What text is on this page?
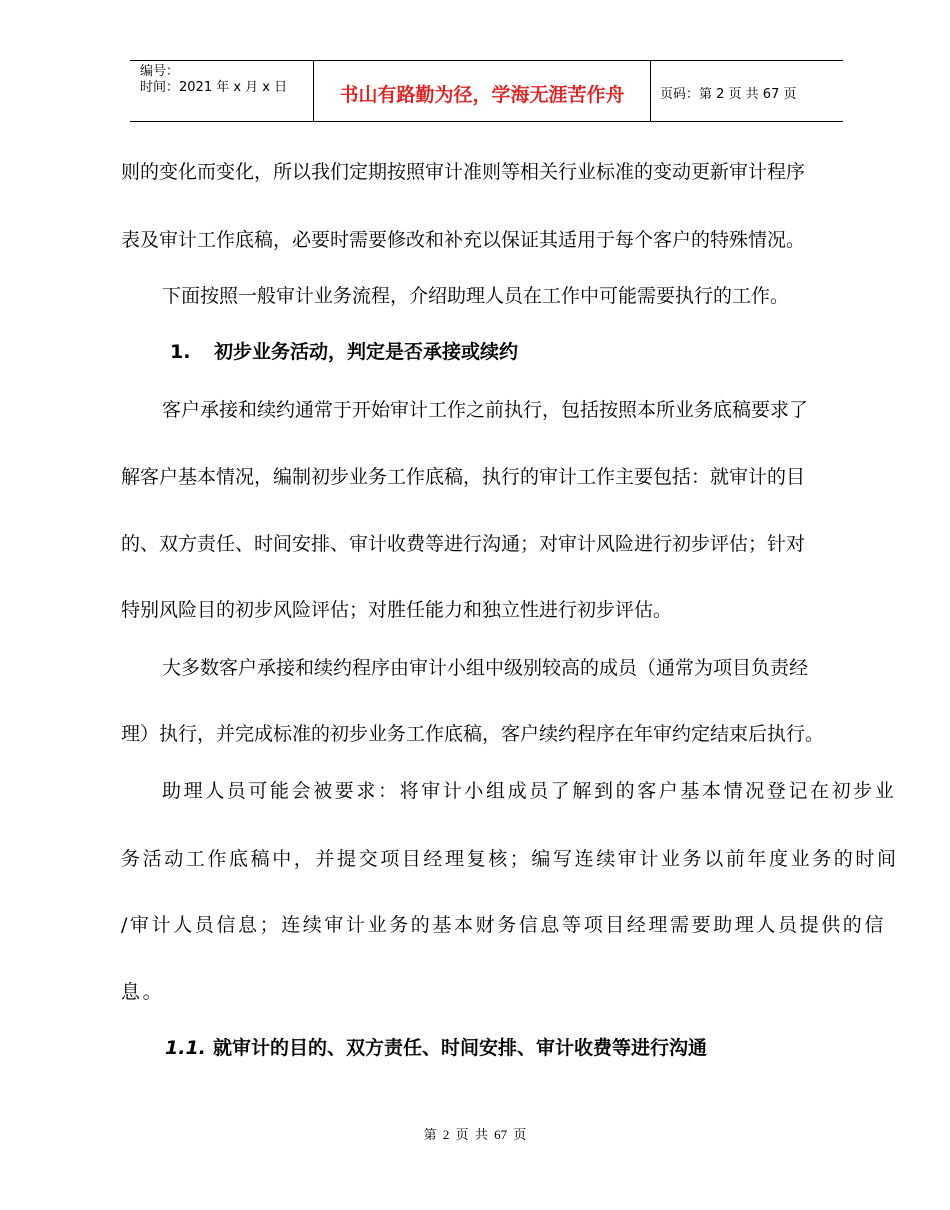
编号：
时间：2021 年 x 月 x 日	书山有路勤为径，学海无涯苦作舟	页码：第 2 页 共 67 页
则的变化而变化，所以我们定期按照审计准则等相关行业标准的变动更新审计程序
表及审计工作底稿，必要时需要修改和补充以保证其适用于每个客户的特殊情况。
下面按照一般审计业务流程，介绍助理人员在工作中可能需要执行的工作。
1. 初步业务活动，判定是否承接或续约
客户承接和续约通常于开始审计工作之前执行，包括按照本所业务底稿要求了
解客户基本情况，编制初步业务工作底稿，执行的审计工作主要包括：就审计的目
的、双方责任、时间安排、审计收费等进行沟通；对审计风险进行初步评估；针对
特别风险目的初步风险评估；对胜任能力和独立性进行初步评估。
大多数客户承接和续约程序由审计小组中级别较高的成员（通常为项目负责经
理）执行，并完成标准的初步业务工作底稿，客户续约程序在年审约定结束后执行。
助理人员可能会被要求：将审计小组成员了解到的客户基本情况登记在初步业
务活动工作底稿中，并提交项目经理复核；编写连续审计业务以前年度业务的时间
/审计人员信息；连续审计业务的基本财务信息等项目经理需要助理人员提供的信
息。
1.1. 就审计的目的、双方责任、时间安排、审计收费等进行沟通
第 2 页 共 67 页
